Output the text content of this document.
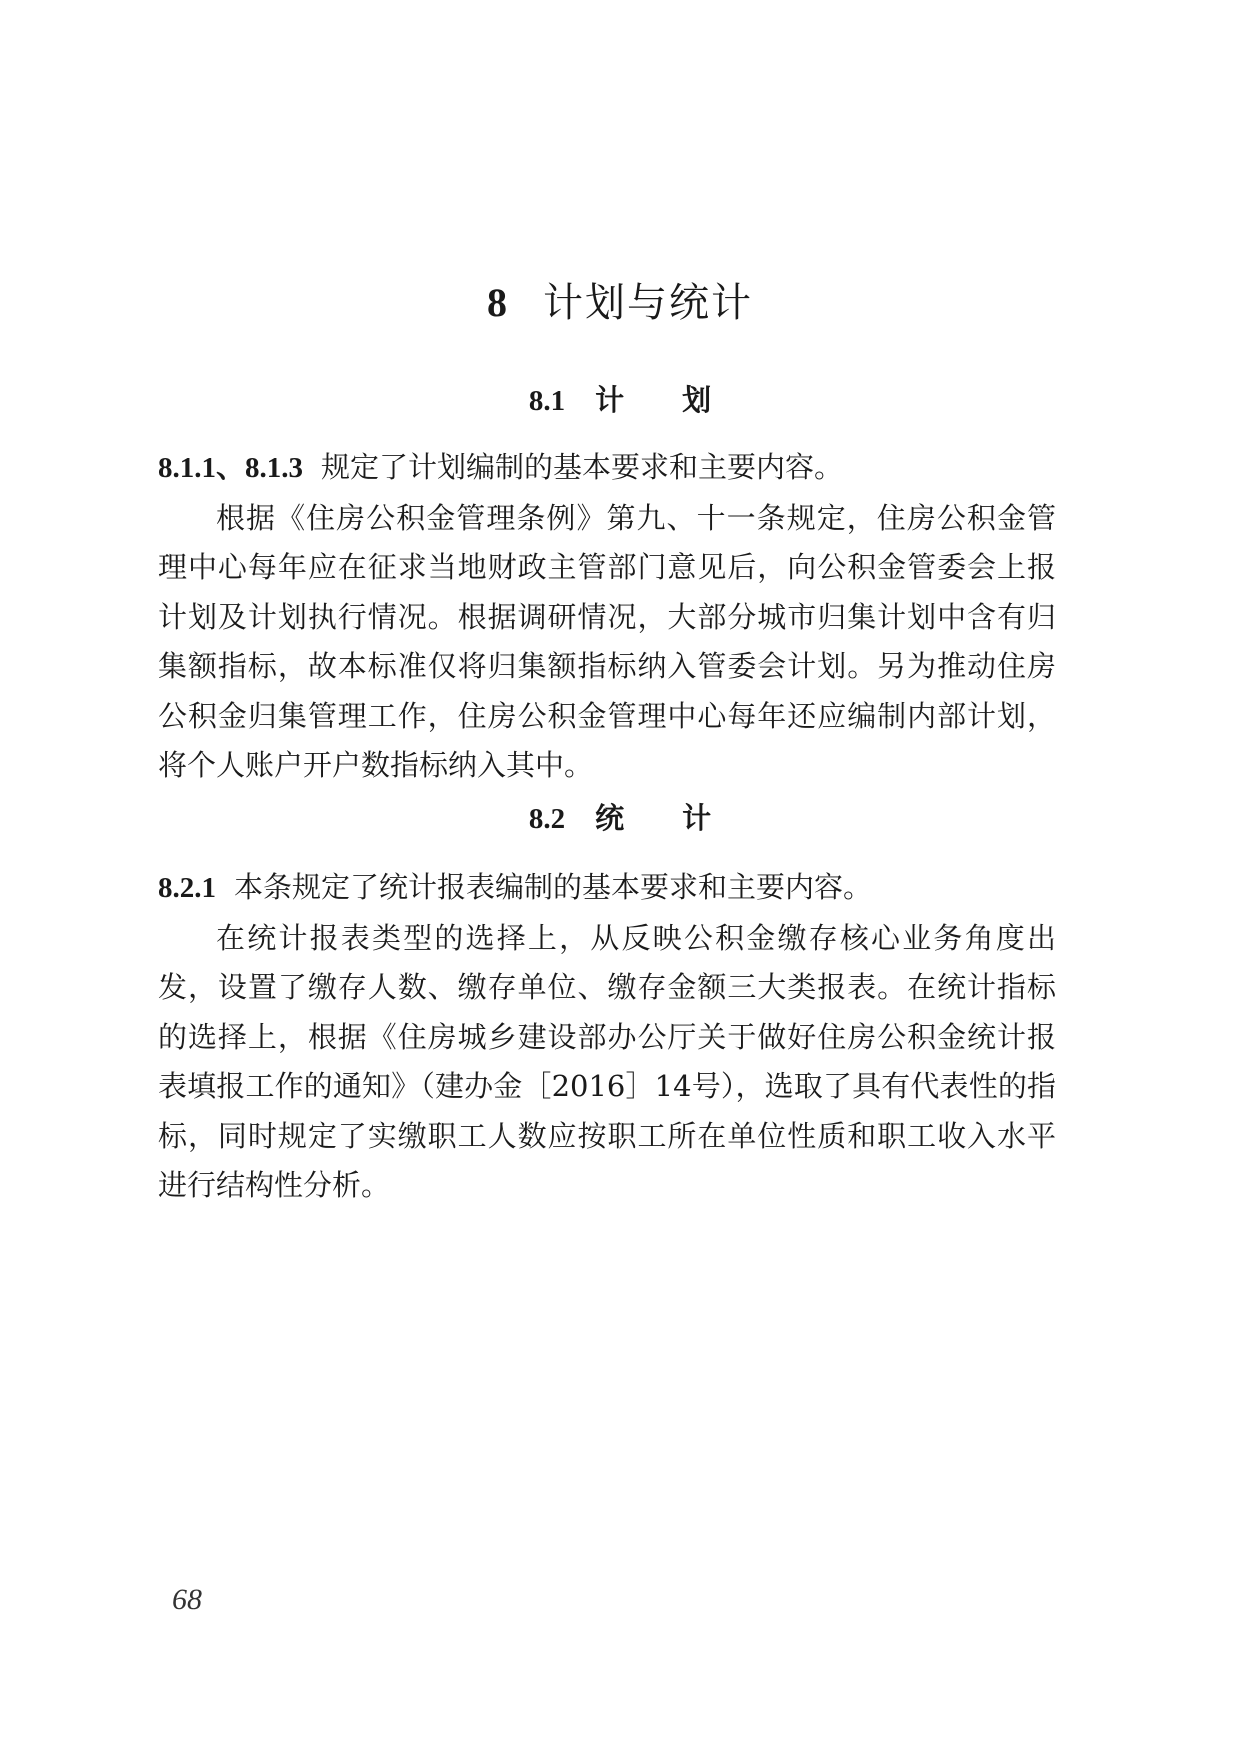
8 计划与统计
8.1 计 划

8.1.1、8.1.3 规定了计划编制的基本要求和主要内容。

根据《住房公积金管理条例》第九、十一条规定，住房公积金管理中心每年应在征求当地财政主管部门意见后，向公积金管委会上报计划及计划执行情况。根据调研情况，大部分城市归集计划中含有归集额指标，故本标准仅将归集额指标纳入管委会计划。另为推动住房公积金归集管理工作，住房公积金管理中心每年还应编制内部计划，将个人账户开户数指标纳入其中。

8.2 统 计

8.2.1 本条规定了统计报表编制的基本要求和主要内容。

在统计报表类型的选择上，从反映公积金缴存核心业务角度出发，设置了缴存人数、缴存单位、缴存金额三大类报表。在统计指标的选择上，根据《住房城乡建设部办公厅关于做好住房公积金统计报表填报工作的通知》（建办金［2016］14号），选取了具有代表性的指标，同时规定了实缴职工人数应按职工所在单位性质和职工收入水平进行结构性分析。

68
